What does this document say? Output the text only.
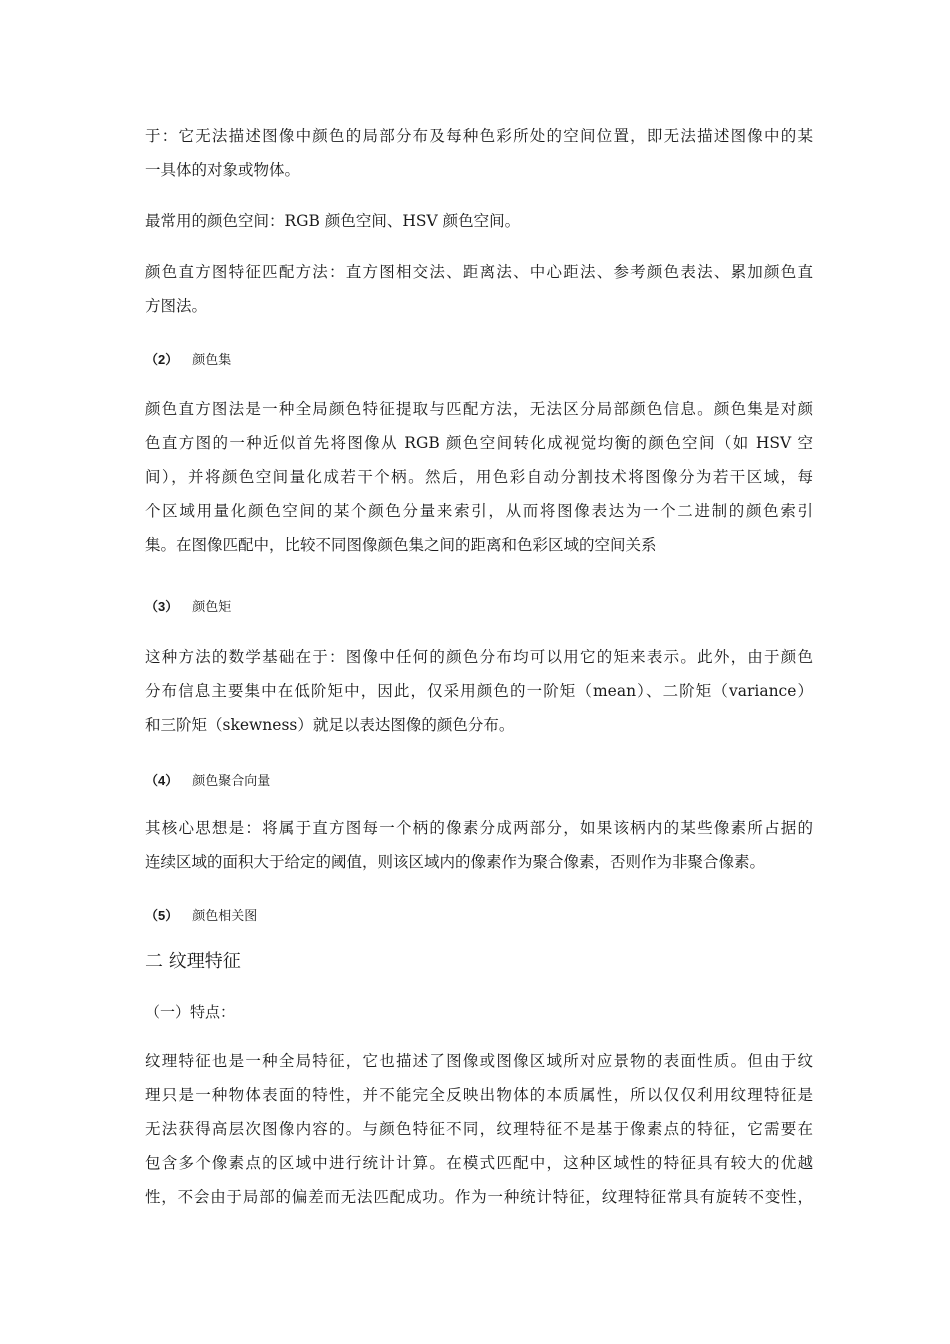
于：它无法描述图像中颜色的局部分布及每种色彩所处的空间位置，即无法描述图像中的某
一具体的对象或物体。
最常用的颜色空间：RGB 颜色空间、HSV 颜色空间。
颜色直方图特征匹配方法：直方图相交法、距离法、中心距法、参考颜色表法、累加颜色直
方图法。
（2） 颜色集
颜色直方图法是一种全局颜色特征提取与匹配方法，无法区分局部颜色信息。颜色集是对颜
色直方图的一种近似首先将图像从 RGB 颜色空间转化成视觉均衡的颜色空间（如 HSV 空
间），并将颜色空间量化成若干个柄。然后，用色彩自动分割技术将图像分为若干区域，每
个区域用量化颜色空间的某个颜色分量来索引，从而将图像表达为一个二进制的颜色索引
集。在图像匹配中，比较不同图像颜色集之间的距离和色彩区域的空间关系
（3） 颜色矩
这种方法的数学基础在于：图像中任何的颜色分布均可以用它的矩来表示。此外，由于颜色
分布信息主要集中在低阶矩中，因此，仅采用颜色的一阶矩（mean）、二阶矩（variance）
和三阶矩（skewness）就足以表达图像的颜色分布。
（4） 颜色聚合向量
其核心思想是：将属于直方图每一个柄的像素分成两部分，如果该柄内的某些像素所占据的
连续区域的面积大于给定的阈值，则该区域内的像素作为聚合像素，否则作为非聚合像素。
（5） 颜色相关图
二 纹理特征
（一）特点：
纹理特征也是一种全局特征，它也描述了图像或图像区域所对应景物的表面性质。但由于纹
理只是一种物体表面的特性，并不能完全反映出物体的本质属性，所以仅仅利用纹理特征是
无法获得高层次图像内容的。与颜色特征不同，纹理特征不是基于像素点的特征，它需要在
包含多个像素点的区域中进行统计计算。在模式匹配中，这种区域性的特征具有较大的优越
性，不会由于局部的偏差而无法匹配成功。作为一种统计特征，纹理特征常具有旋转不变性，
